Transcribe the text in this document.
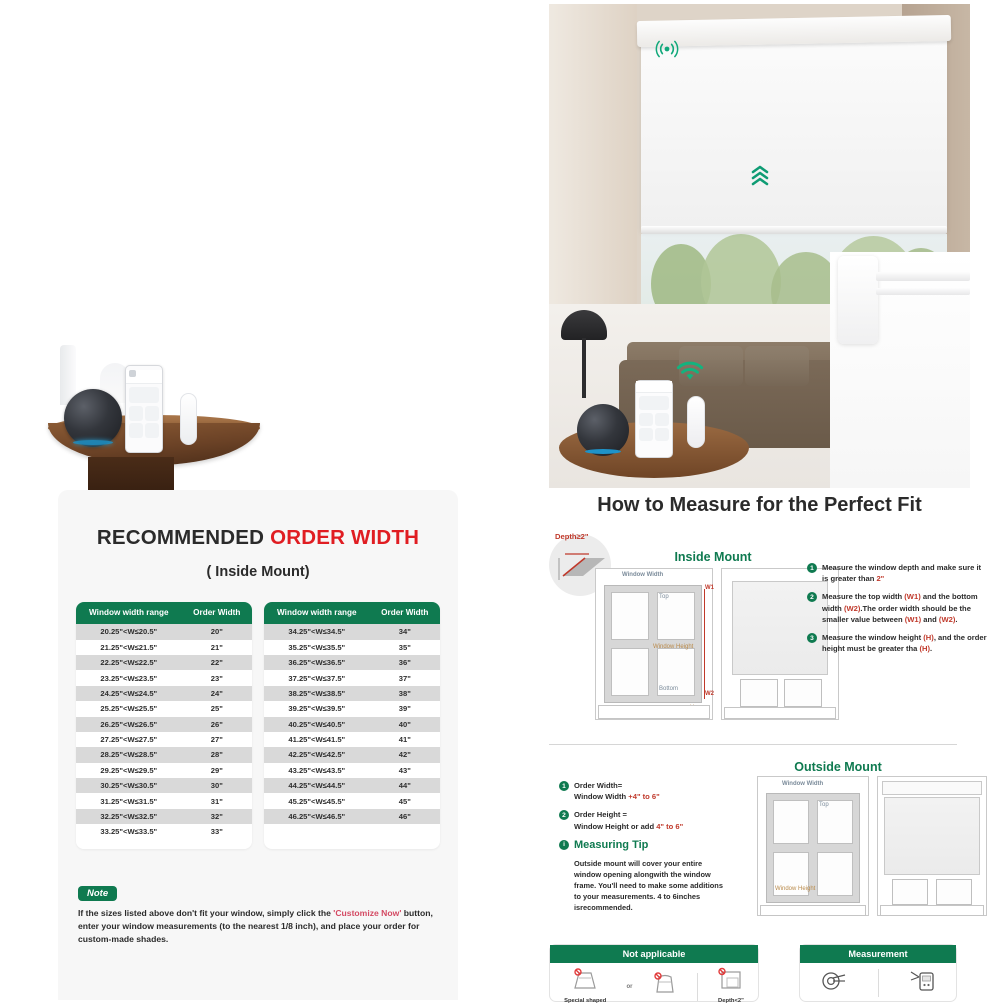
RECOMMENDED ORDER WIDTH
( Inside Mount)
Window width range	Order Width
20.25"<W≤20.5"	20"
21.25"<W≤21.5"	21"
22.25"<W≤22.5"	22"
23.25"<W≤23.5"	23"
24.25"<W≤24.5"	24"
25.25"<W≤25.5"	25"
26.25"<W≤26.5"	26"
27.25"<W≤27.5"	27"
28.25"<W≤28.5"	28"
29.25"<W≤29.5"	29"
30.25"<W≤30.5"	30"
31.25"<W≤31.5"	31"
32.25"<W≤32.5"	32"
33.25"<W≤33.5"	33"
Window width range	Order Width
34.25"<W≤34.5"	34"
35.25"<W≤35.5"	35"
36.25"<W≤36.5"	36"
37.25"<W≤37.5"	37"
38.25"<W≤38.5"	38"
39.25"<W≤39.5"	39"
40.25"<W≤40.5"	40"
41.25"<W≤41.5"	41"
42.25"<W≤42.5"	42"
43.25"<W≤43.5"	43"
44.25"<W≤44.5"	44"
45.25"<W≤45.5"	45"
46.25"<W≤46.5"	46"
Note
If the sizes listed above don't fit your window, simply click the 'Customize Now' button, enter your window measurements (to the nearest 1/8 inch), and place your order for custom-made shades.
How to Measure for the Perfect Fit
Depth≥2"
Inside Mount
Window Width
Top
Bottom
Window Height
W1
W2
1	Measure the window depth and make sure it is greater than 2"
2	Measure the top width (W1) and the bottom width (W2).The order width should be the smaller value between (W1) and (W2).
3	Measure the window height (H), and the order height must be greater tha (H).
Outside Mount
1	Order Width=
Window Width +4" to 6"
2	Order Height =
Window Height or add 4" to 6"
i Measuring Tip
Outside mount will cover your entire window opening alongwith the window frame. You'll need to make some additions to your measurements. 4 to 6inches isrecommended.
Window Width
Top
Window Height
Not applicable
Special shaped
or
Depth<2"
Measurement
